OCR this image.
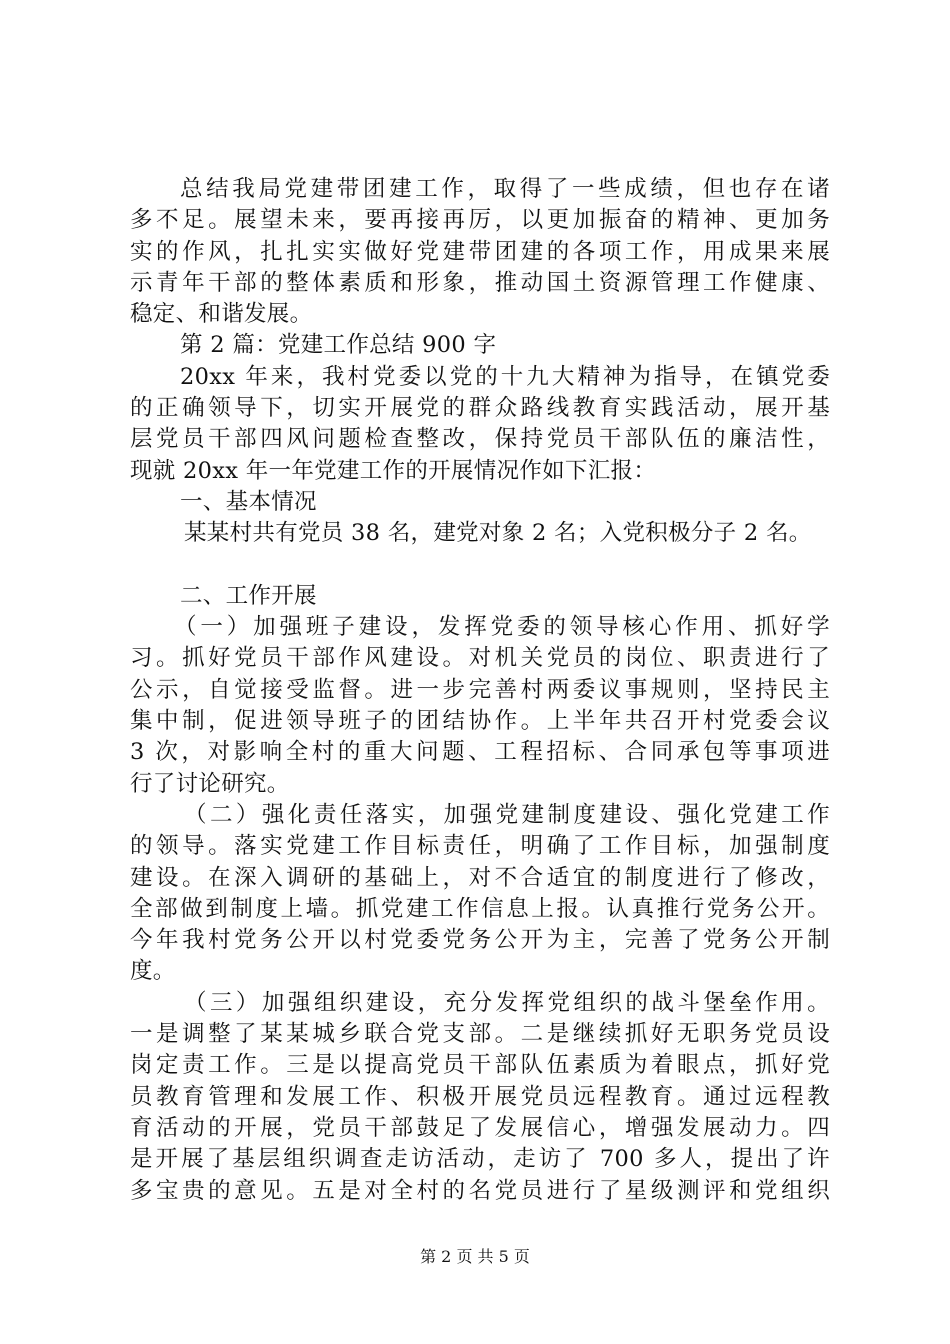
总结我局党建带团建工作，取得了一些成绩，但也存在诸
多不足。展望未来，要再接再厉，以更加振奋的精神、更加务
实的作风，扎扎实实做好党建带团建的各项工作，用成果来展
示青年干部的整体素质和形象，推动国土资源管理工作健康、
稳定、和谐发展。
第 2 篇：党建工作总结 900 字
20xx 年来，我村党委以党的十九大精神为指导，在镇党委
的正确领导下，切实开展党的群众路线教育实践活动，展开基
层党员干部四风问题检查整改，保持党员干部队伍的廉洁性，
现就 20xx 年一年党建工作的开展情况作如下汇报：
一、基本情况
某某村共有党员 38 名，建党对象 2 名；入党积极分子 2 名。
二、工作开展
（一）加强班子建设，发挥党委的领导核心作用、抓好学
习。抓好党员干部作风建设。对机关党员的岗位、职责进行了
公示，自觉接受监督。进一步完善村两委议事规则，坚持民主
集中制，促进领导班子的团结协作。上半年共召开村党委会议
3 次，对影响全村的重大问题、工程招标、合同承包等事项进
行了讨论研究。
（二）强化责任落实，加强党建制度建设、强化党建工作
的领导。落实党建工作目标责任，明确了工作目标，加强制度
建设。在深入调研的基础上，对不合适宜的制度进行了修改，
全部做到制度上墙。抓党建工作信息上报。认真推行党务公开。
今年我村党务公开以村党委党务公开为主，完善了党务公开制
度。
（三）加强组织建设，充分发挥党组织的战斗堡垒作用。
一是调整了某某城乡联合党支部。二是继续抓好无职务党员设
岗定责工作。三是以提高党员干部队伍素质为着眼点，抓好党
员教育管理和发展工作、积极开展党员远程教育。通过远程教
育活动的开展，党员干部鼓足了发展信心，增强发展动力。四
是开展了基层组织调查走访活动，走访了 700 多人，提出了许
多宝贵的意见。五是对全村的名党员进行了星级测评和党组织
第 2 页 共 5 页
